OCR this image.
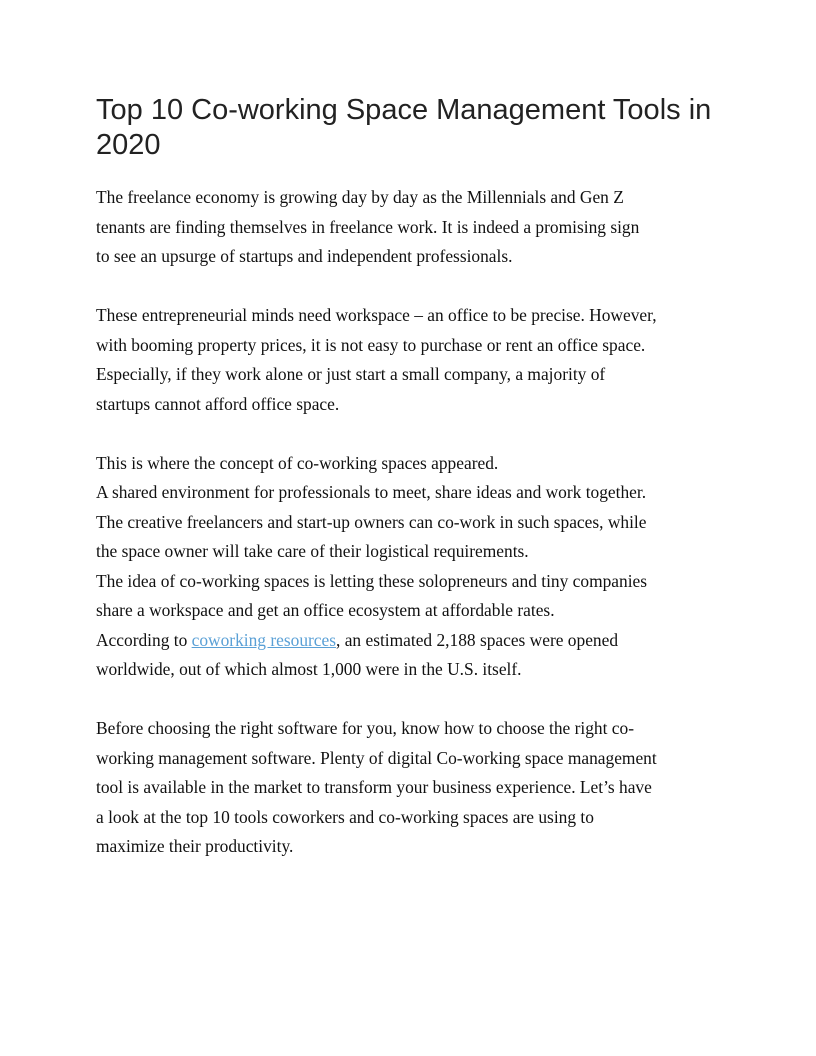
Top 10 Co-working Space Management Tools in
2020
The freelance economy is growing day by day as the Millennials and Gen Z
tenants are finding themselves in freelance work. It is indeed a promising sign
to see an upsurge of startups and independent professionals.
These entrepreneurial minds need workspace – an office to be precise. However,
with booming property prices, it is not easy to purchase or rent an office space.
Especially, if they work alone or just start a small company, a majority of
startups cannot afford office space.
This is where the concept of co-working spaces appeared.
A shared environment for professionals to meet, share ideas and work together.
The creative freelancers and start-up owners can co-work in such spaces, while
the space owner will take care of their logistical requirements.
The idea of co-working spaces is letting these solopreneurs and tiny companies
share a workspace and get an office ecosystem at affordable rates.
According to coworking resources, an estimated 2,188 spaces were opened
worldwide, out of which almost 1,000 were in the U.S. itself.
Before choosing the right software for you, know how to choose the right co-
working management software. Plenty of digital Co-working space management
tool is available in the market to transform your business experience. Let’s have
a look at the top 10 tools coworkers and co-working spaces are using to
maximize their productivity.
